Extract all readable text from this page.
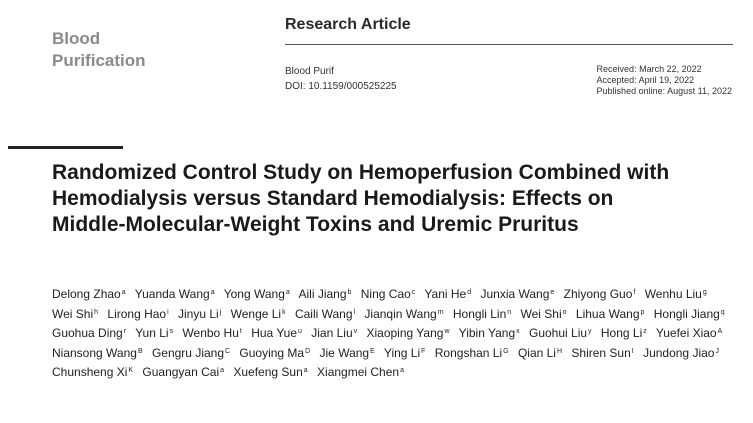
Blood
Purification
Research Article
Blood Purif
DOI: 10.1159/000525225
Received: March 22, 2022
Accepted: April 19, 2022
Published online: August 11, 2022
Randomized Control Study on Hemoperfusion Combined with Hemodialysis versus Standard Hemodialysis: Effects on Middle-Molecular-Weight Toxins and Uremic Pruritus
Delong Zhao$^a$ Yuanda Wang$^a$ Yong Wang$^a$ Aili Jiang$^b$ Ning Cao$^c$ Yani He$^d$ Junxia Wang$^e$ Zhiyong Guo$^f$ Wenhu Liu$^g$ Wei Shi$^h$ Lirong Hao$^i$ Jinyu Li$^j$ Wenge Li$^k$ Caili Wang$^l$ Jianqin Wang$^m$ Hongli Lin$^n$ Wei Shi$^o$ Lihua Wang$^p$ Hongli Jiang$^q$ Guohua Ding$^r$ Yun Li$^s$ Wenbo Hu$^t$ Hua Yue$^u$ Jian Liu$^v$ Xiaoping Yang$^w$ Yibin Yang$^x$ Guohui Liu$^y$ Hong Li$^z$ Yuefei Xiao$^A$ Niansong Wang$^B$ Gengru Jiang$^C$ Guoying $Ma^D$ Jie Wang$^E$ Ying $Li^F$ Rongshan $Li^G$ Qian $Li^H$ Shiren Sun$^I$ Jundong Jiao$^J$ Chunsheng $Xi^K$ Guangyan Cai$^a$ Xuefeng Sun$^a$ Xiangmei Chen$^a$
